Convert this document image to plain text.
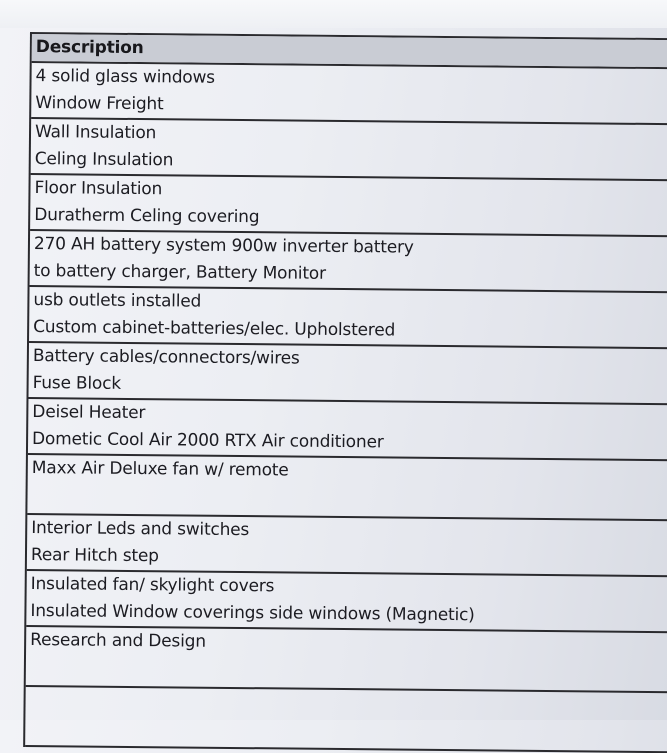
Description
4 solid glass windows
Window Freight
Wall Insulation
Celing Insulation
Floor Insulation
Duratherm Celing covering
270 AH battery system 900w inverter battery
to battery charger, Battery Monitor
usb outlets installed
Custom cabinet-batteries/elec. Upholstered
Battery cables/connectors/wires
Fuse Block
Deisel Heater
Dometic Cool Air 2000 RTX Air conditioner
Maxx Air Deluxe fan w/ remote
Interior Leds and switches
Rear Hitch step
Insulated fan/ skylight covers
Insulated Window coverings side windows (Magnetic)
Research and Design
